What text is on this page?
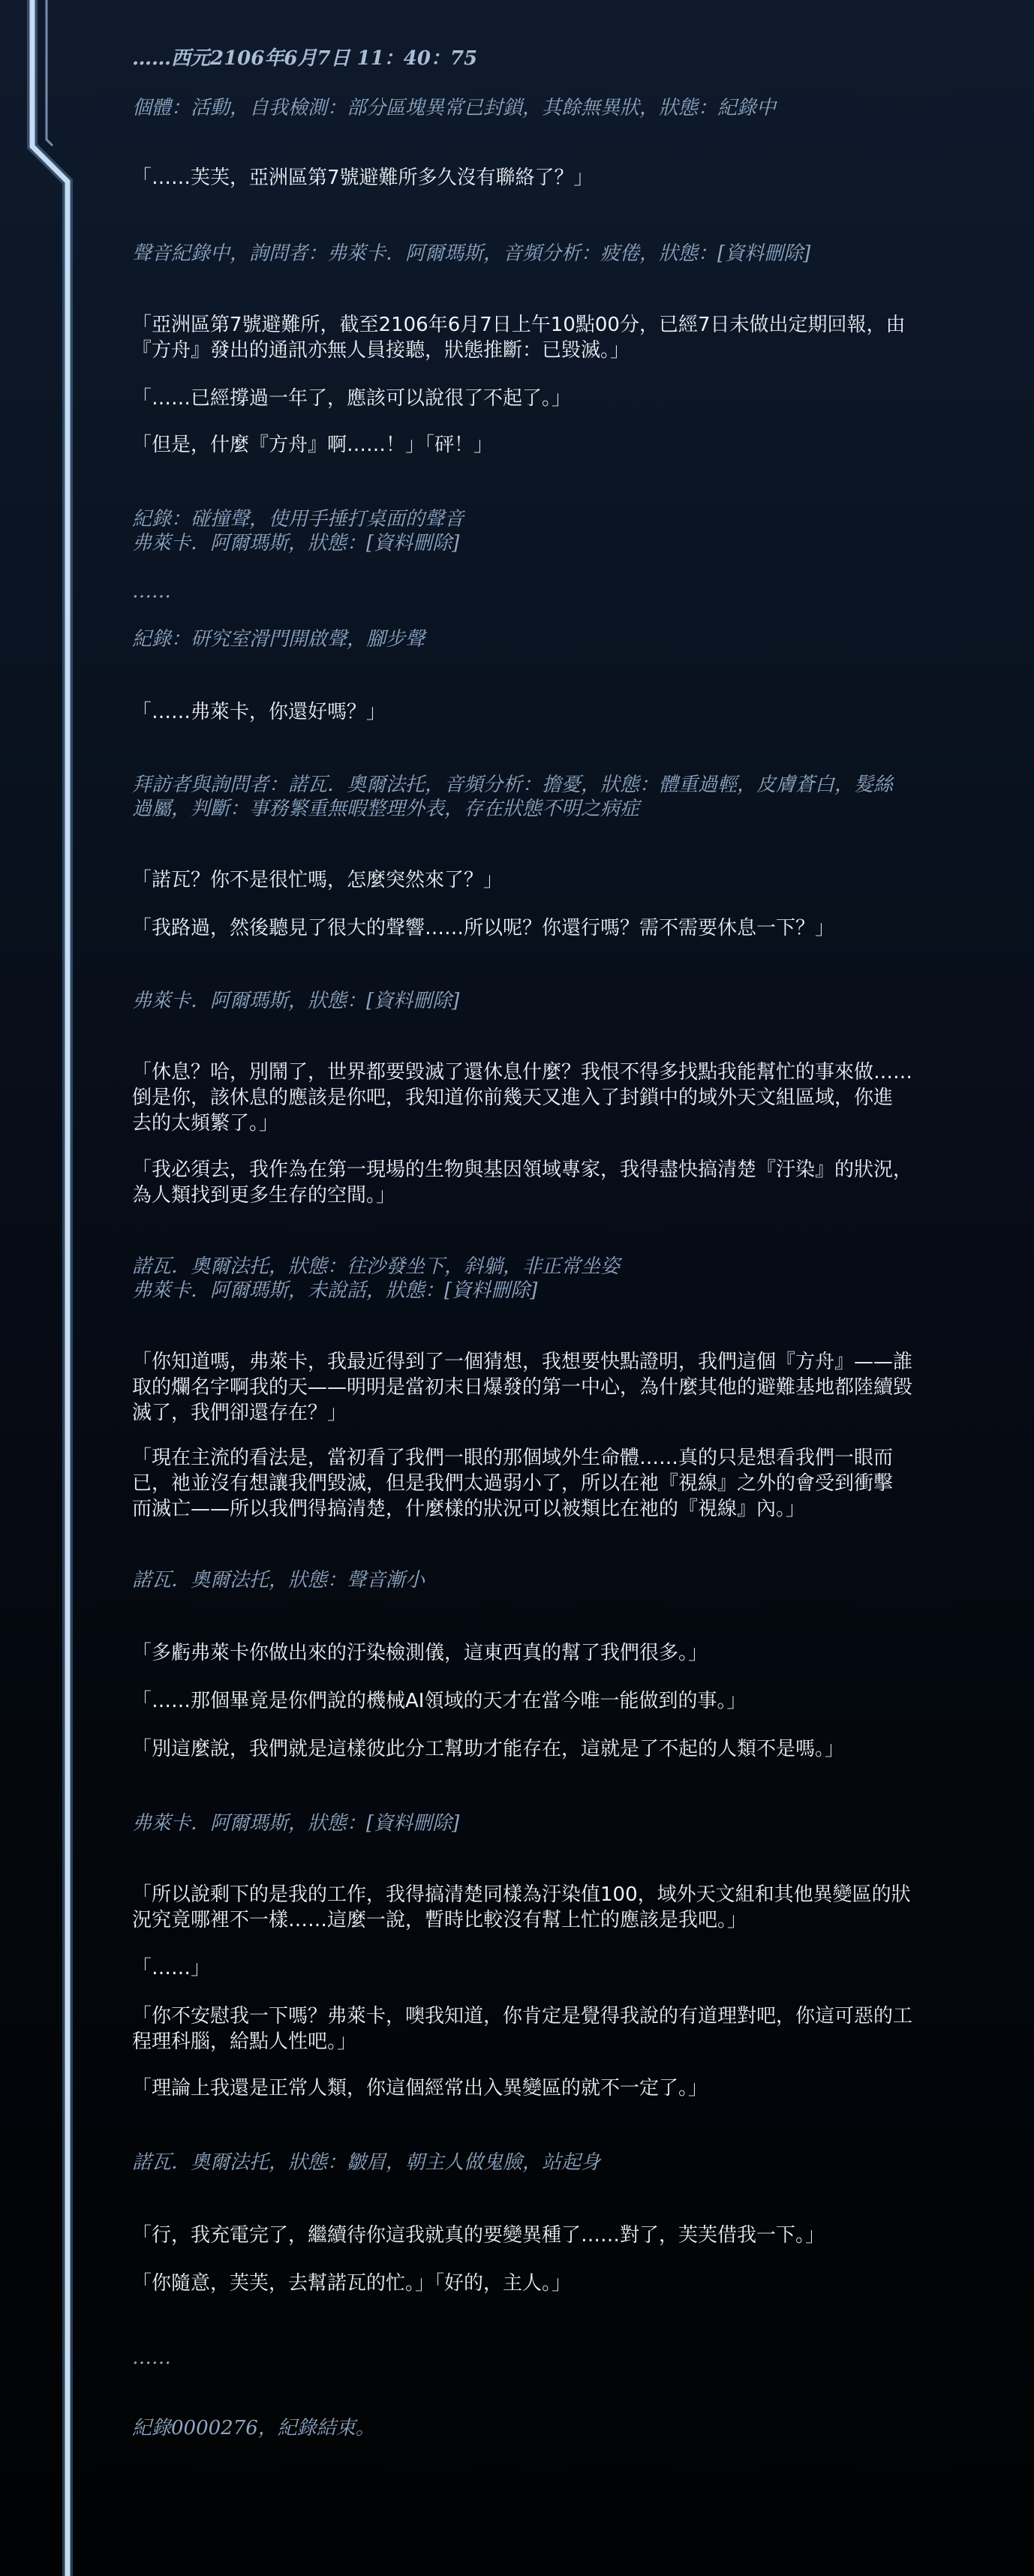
……西元2106年6月7日 11：40：75

個體：活動，自我檢測：部分區塊異常已封鎖，其餘無異狀，狀態：紀錄中

「……芙芙，亞洲區第7號避難所多久沒有聯絡了？」

聲音紀錄中，詢問者：弗萊卡．阿爾瑪斯，音頻分析：疲倦，狀態：[資料刪除]

「亞洲區第7號避難所，截至2106年6月7日上午10點00分，已經7日未做出定期回報，由
『方舟』發出的通訊亦無人員接聽，狀態推斷：已毀滅。」

「……已經撐過一年了，應該可以說很了不起了。」

「但是，什麼『方舟』啊……！」「砰！」

紀錄：碰撞聲，使用手捶打桌面的聲音
弗萊卡．阿爾瑪斯，狀態：[資料刪除]

……

紀錄：研究室滑門開啟聲，腳步聲

「……弗萊卡，你還好嗎？」

拜訪者與詢問者：諾瓦．奧爾法托，音頻分析：擔憂，狀態：體重過輕，皮膚蒼白，髮絲
過屬，判斷：事務繁重無暇整理外表，存在狀態不明之病症

「諾瓦？你不是很忙嗎，怎麼突然來了？」

「我路過，然後聽見了很大的聲響……所以呢？你還行嗎？需不需要休息一下？」

弗萊卡．阿爾瑪斯，狀態：[資料刪除]

「休息？哈，別鬧了，世界都要毀滅了還休息什麼？我恨不得多找點我能幫忙的事來做……
倒是你，該休息的應該是你吧，我知道你前幾天又進入了封鎖中的域外天文組區域，你進
去的太頻繁了。」

「我必須去，我作為在第一現場的生物與基因領域專家，我得盡快搞清楚『汙染』的狀況，
為人類找到更多生存的空間。」

諾瓦．奧爾法托，狀態：往沙發坐下，斜躺，非正常坐姿
弗萊卡．阿爾瑪斯，未說話，狀態：[資料刪除]

「你知道嗎，弗萊卡，我最近得到了一個猜想，我想要快點證明，我們這個『方舟』——誰
取的爛名字啊我的天——明明是當初末日爆發的第一中心，為什麼其他的避難基地都陸續毀
滅了，我們卻還存在？」

「現在主流的看法是，當初看了我們一眼的那個域外生命體……真的只是想看我們一眼而
已，祂並沒有想讓我們毀滅，但是我們太過弱小了，所以在祂『視線』之外的會受到衝擊
而滅亡——所以我們得搞清楚，什麼樣的狀況可以被類比在祂的『視線』內。」

諾瓦．奧爾法托，狀態：聲音漸小

「多虧弗萊卡你做出來的汙染檢測儀，這東西真的幫了我們很多。」

「……那個畢竟是你們說的機械AI領域的天才在當今唯一能做到的事。」

「別這麼說，我們就是這樣彼此分工幫助才能存在，這就是了不起的人類不是嗎。」

弗萊卡．阿爾瑪斯，狀態：[資料刪除]

「所以說剩下的是我的工作，我得搞清楚同樣為汙染值100，域外天文組和其他異變區的狀
況究竟哪裡不一樣……這麼一說，暫時比較沒有幫上忙的應該是我吧。」

「……」

「你不安慰我一下嗎？弗萊卡，噢我知道，你肯定是覺得我說的有道理對吧，你這可惡的工
程理科腦，給點人性吧。」

「理論上我還是正常人類，你這個經常出入異變區的就不一定了。」

諾瓦．奧爾法托，狀態：皺眉，朝主人做鬼臉，站起身

「行，我充電完了，繼續待你這我就真的要變異種了……對了，芙芙借我一下。」

「你隨意，芙芙，去幫諾瓦的忙。」「好的，主人。」

……

紀錄0000276，紀錄結束。
